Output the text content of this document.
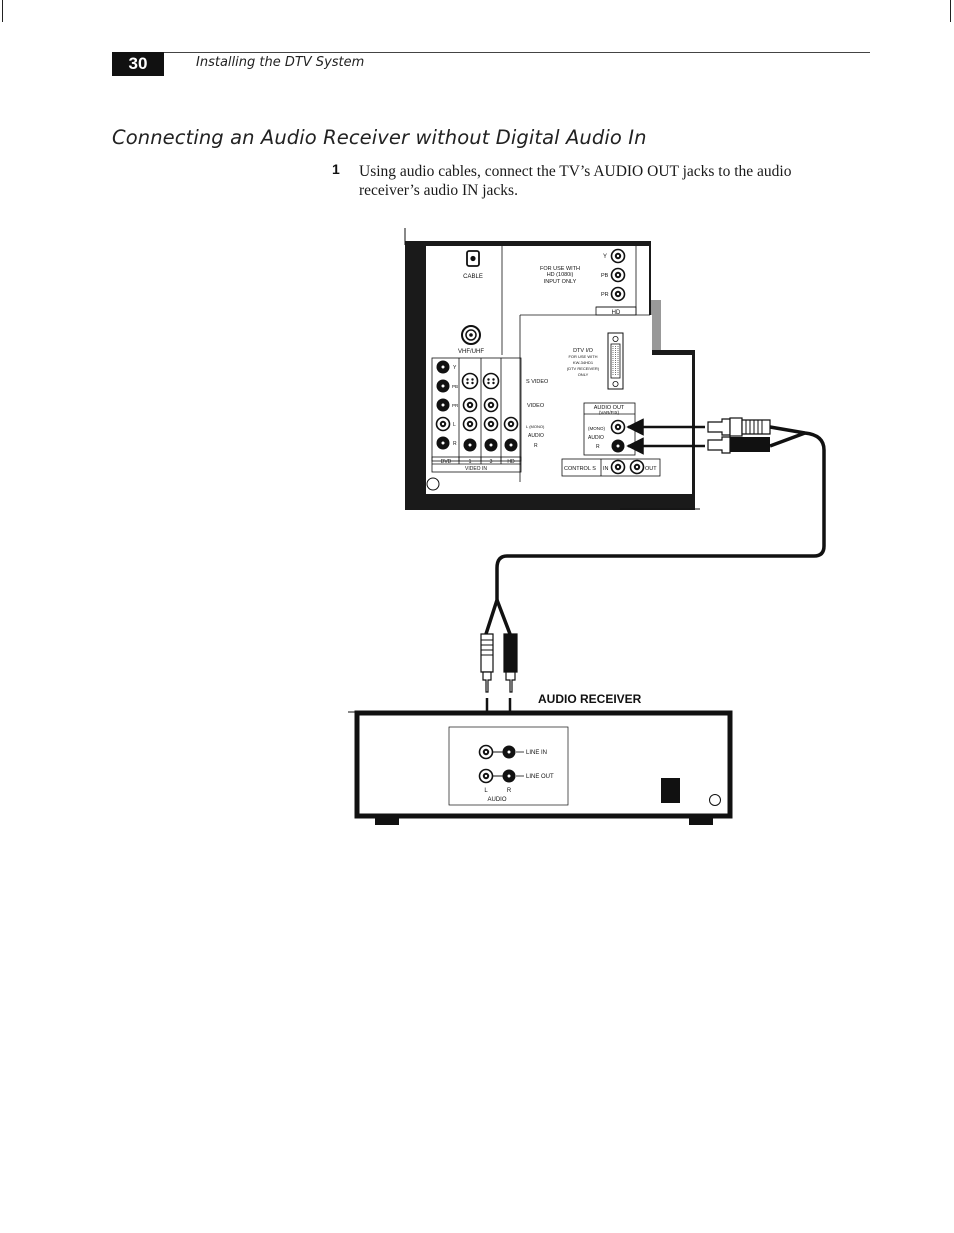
30	Installing the DTV System
Connecting an Audio Receiver without Digital Audio In
1 Using audio cables, connect the TV’s AUDIO OUT jacks to the audio receiver’s audio IN jacks.
CABLE
VHF/UHF
FOR USE WITH
HD (1080i)
INPUT ONLY
Y
PB
PR
HD
DTV I/O
FOR USE WITH
KW-34HD1
(DTV RECEIVER)
ONLY
Y
PB
PR
L
R
S VIDEO
VIDEO
L (MONO)
AUDIO
R
DVD	1	3	HD
VIDEO IN
AUDIO OUT
(VAR/FIX)
(MONO)
AUDIO
R
CONTROL S IN	OUT
AUDIO RECEIVER
LINE IN
LINE OUT
L	R
AUDIO
